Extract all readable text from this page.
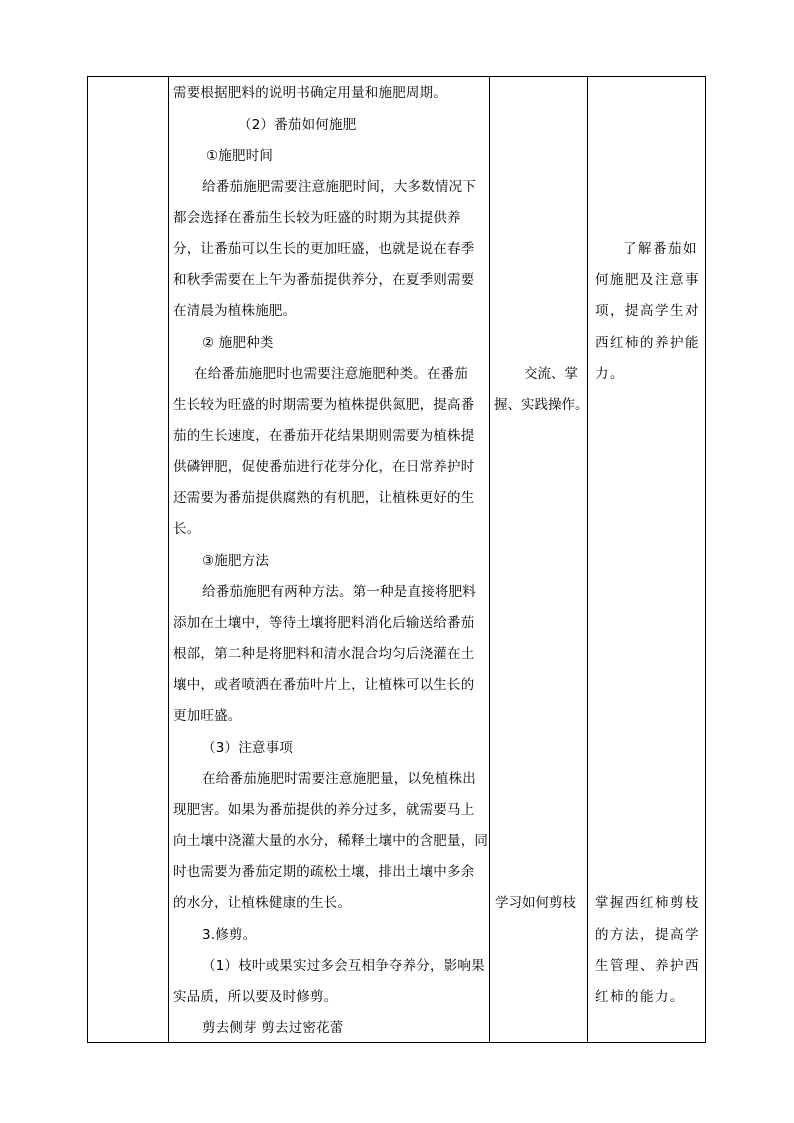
需要根据肥料的说明书确定用量和施肥周期。
（2）番茄如何施肥
①施肥时间
给番茄施肥需要注意施肥时间，大多数情况下
都会选择在番茄生长较为旺盛的时期为其提供养
分，让番茄可以生长的更加旺盛，也就是说在春季
和秋季需要在上午为番茄提供养分，在夏季则需要
在清晨为植株施肥。
② 施肥种类
在给番茄施肥时也需要注意施肥种类。在番茄
生长较为旺盛的时期需要为植株提供氮肥，提高番
茄的生长速度，在番茄开花结果期则需要为植株提
供磷钾肥，促使番茄进行花芽分化，在日常养护时
还需要为番茄提供腐熟的有机肥，让植株更好的生
长。
③施肥方法
给番茄施肥有两种方法。第一种是直接将肥料
添加在土壤中，等待土壤将肥料消化后输送给番茄
根部，第二种是将肥料和清水混合均匀后浇灌在土
壤中，或者喷洒在番茄叶片上，让植株可以生长的
更加旺盛。
（3）注意事项
在给番茄施肥时需要注意施肥量，以免植株出
现肥害。如果为番茄提供的养分过多，就需要马上
向土壤中浇灌大量的水分，稀释土壤中的含肥量，同
时也需要为番茄定期的疏松土壤，排出土壤中多余
的水分，让植株健康的生长。
3.修剪。
（1）枝叶或果实过多会互相争夺养分，影响果
实品质，所以要及时修剪。
剪去侧芽 剪去过密花蕾
交流、掌
握、实践操作。
学习如何剪枝
了解番茄如
何施肥及注意事
项，提高学生对
西红柿的养护能
力。
掌握西红柿剪枝
的方法，提高学
生管理、养护西
红柿的能力。
